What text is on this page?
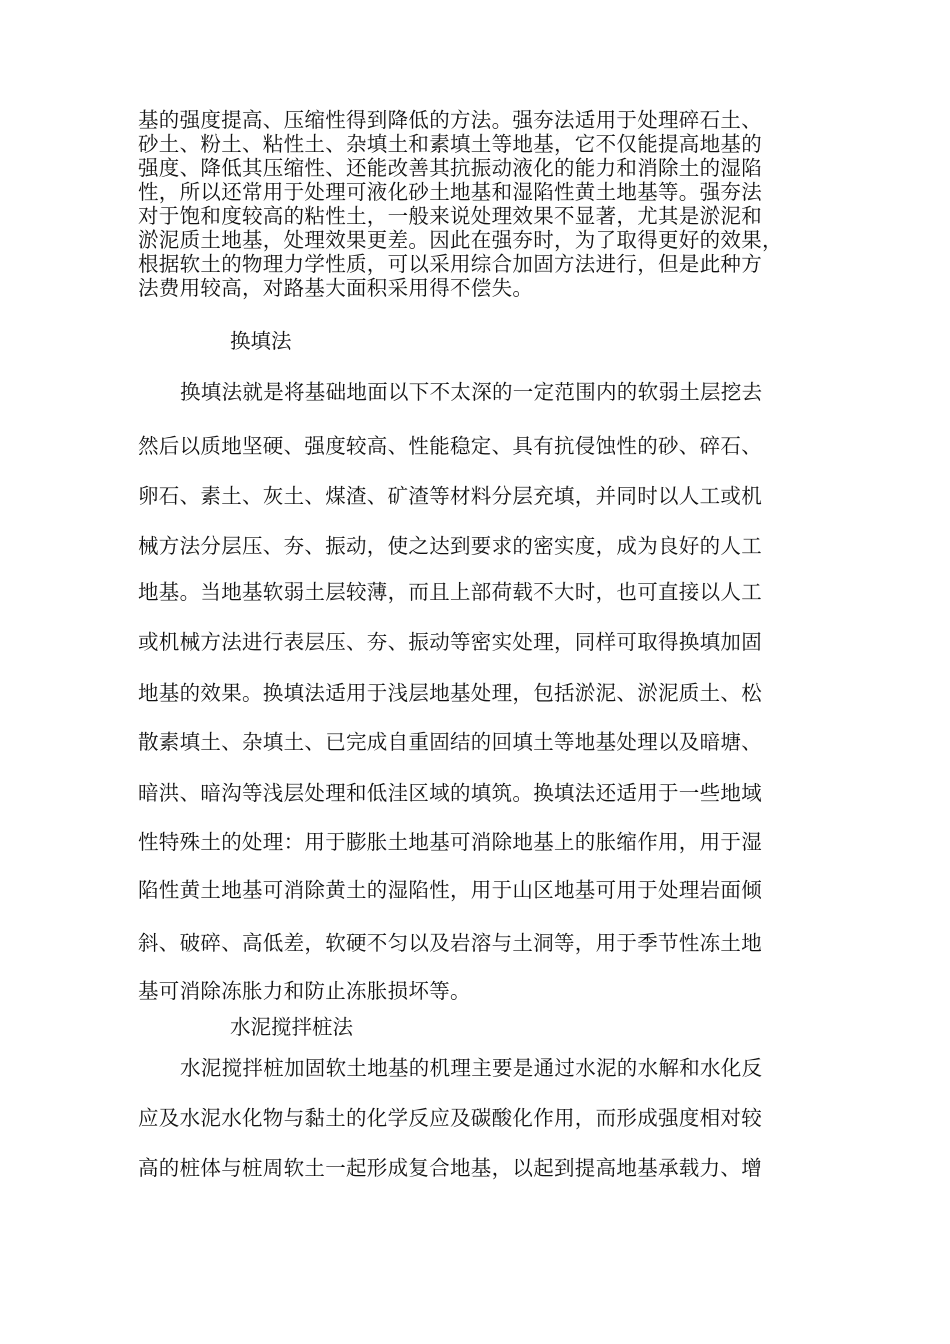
基的强度提高、压缩性得到降低的方法。强夯法适用于处理碎石土、
砂土、粉土、粘性土、杂填土和素填土等地基，它不仅能提高地基的
强度、降低其压缩性、还能改善其抗振动液化的能力和消除土的湿陷
性，所以还常用于处理可液化砂土地基和湿陷性黄土地基等。强夯法
对于饱和度较高的粘性土，一般来说处理效果不显著，尤其是淤泥和
淤泥质土地基，处理效果更差。因此在强夯时，为了取得更好的效果，
根据软土的物理力学性质，可以采用综合加固方法进行，但是此种方
法费用较高，对路基大面积采用得不偿失。
换填法
换填法就是将基础地面以下不太深的一定范围内的软弱土层挖去
然后以质地坚硬、强度较高、性能稳定、具有抗侵蚀性的砂、碎石、
卵石、素土、灰土、煤渣、矿渣等材料分层充填，并同时以人工或机
械方法分层压、夯、振动，使之达到要求的密实度，成为良好的人工
地基。当地基软弱土层较薄，而且上部荷载不大时，也可直接以人工
或机械方法进行表层压、夯、振动等密实处理，同样可取得换填加固
地基的效果。换填法适用于浅层地基处理，包括淤泥、淤泥质土、松
散素填土、杂填土、已完成自重固结的回填土等地基处理以及暗塘、
暗洪、暗沟等浅层处理和低洼区域的填筑。换填法还适用于一些地域
性特殊土的处理：用于膨胀土地基可消除地基上的胀缩作用，用于湿
陷性黄土地基可消除黄土的湿陷性，用于山区地基可用于处理岩面倾
斜、破碎、高低差，软硬不匀以及岩溶与土洞等，用于季节性冻土地
基可消除冻胀力和防止冻胀损坏等。
水泥搅拌桩法
水泥搅拌桩加固软土地基的机理主要是通过水泥的水解和水化反
应及水泥水化物与黏土的化学反应及碳酸化作用，而形成强度相对较
高的桩体与桩周软土一起形成复合地基，以起到提高地基承载力、增
